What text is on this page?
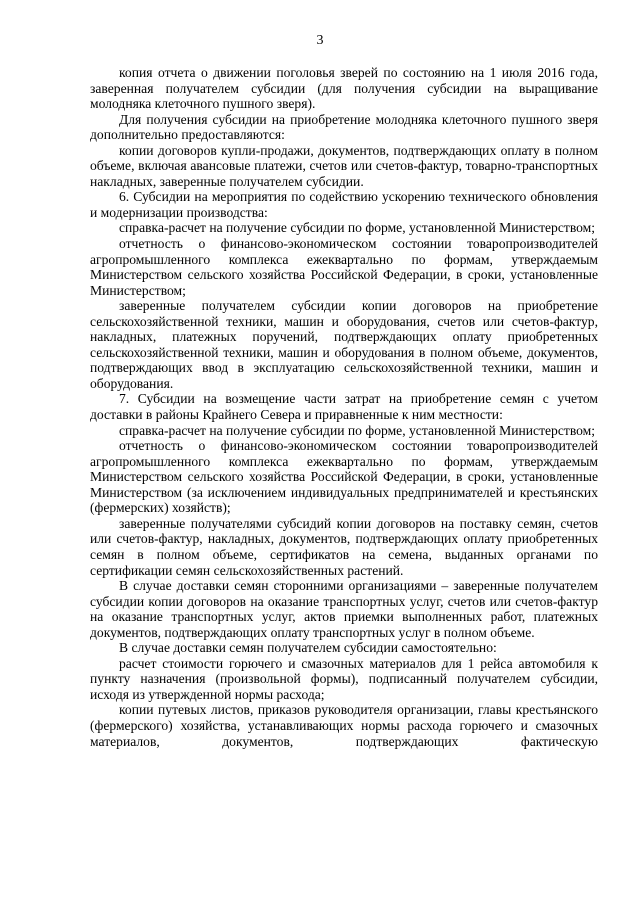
3

копия отчета о движении поголовья зверей по состоянию на 1 июля 2016 года, заверенная получателем субсидии (для получения субсидии на выращивание молодняка клеточного пушного зверя).

Для получения субсидии на приобретение молодняка клеточного пушного зверя дополнительно предоставляются:

копии договоров купли-продажи, документов, подтверждающих оплату в полном объеме, включая авансовые платежи, счетов или счетов-фактур, товарно-транспортных накладных, заверенные получателем субсидии.

6. Субсидии на мероприятия по содействию ускорению технического обновления и модернизации производства:

справка-расчет на получение субсидии по форме, установленной Министерством;

отчетность о финансово-экономическом состоянии товаропроизводителей агропромышленного комплекса ежеквартально по формам, утверждаемым Министерством сельского хозяйства Российской Федерации, в сроки, установленные Министерством;

заверенные получателем субсидии копии договоров на приобретение сельскохозяйственной техники, машин и оборудования, счетов или счетов-фактур, накладных, платежных поручений, подтверждающих оплату приобретенных сельскохозяйственной техники, машин и оборудования в полном объеме, документов, подтверждающих ввод в эксплуатацию сельскохозяйственной техники, машин и оборудования.

7. Субсидии на возмещение части затрат на приобретение семян с учетом доставки в районы Крайнего Севера и приравненные к ним местности:

справка-расчет на получение субсидии по форме, установленной Министерством;

отчетность о финансово-экономическом состоянии товаропроизводителей агропромышленного комплекса ежеквартально по формам, утверждаемым Министерством сельского хозяйства Российской Федерации, в сроки, установленные Министерством (за исключением индивидуальных предпринимателей и крестьянских (фермерских) хозяйств);

заверенные получателями субсидий копии договоров на поставку семян, счетов или счетов-фактур, накладных, документов, подтверждающих оплату приобретенных семян в полном объеме, сертификатов на семена, выданных органами по сертификации семян сельскохозяйственных растений.

В случае доставки семян сторонними организациями – заверенные получателем субсидии копии договоров на оказание транспортных услуг, счетов или счетов-фактур на оказание транспортных услуг, актов приемки выполненных работ, платежных документов, подтверждающих оплату транспортных услуг в полном объеме.

В случае доставки семян получателем субсидии самостоятельно:

расчет стоимости горючего и смазочных материалов для 1 рейса автомобиля к пункту назначения (произвольной формы), подписанный получателем субсидии, исходя из утвержденной нормы расхода;

копии путевых листов, приказов руководителя организации, главы крестьянского (фермерского) хозяйства, устанавливающих нормы расхода горючего и смазочных материалов, документов, подтверждающих фактическую
